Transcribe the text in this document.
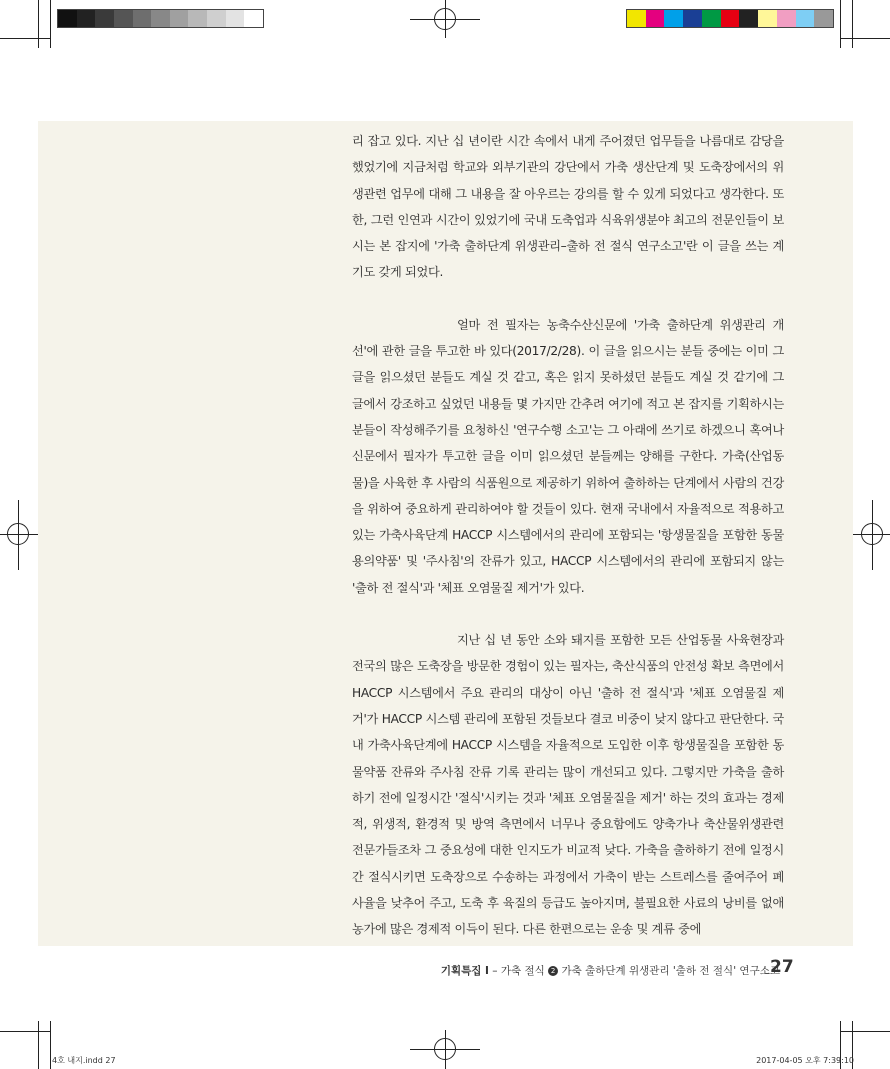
리 잡고 있다. 지난 십 년이란 시간 속에서 내게 주어졌던 업무들을 나름대로 감당을 했었기에 지금처럼 학교와 외부기관의 강단에서 가축 생산단계 및 도축장에서의 위생관련 업무에 대해 그 내용을 잘 아우르는 강의를 할 수 있게 되었다고 생각한다. 또한, 그런 인연과 시간이 있었기에 국내 도축업과 식육위생분야 최고의 전문인들이 보시는 본 잡지에 '가축 출하단계 위생관리–출하 전 절식 연구소고'란 이 글을 쓰는 계기도 갖게 되었다.

얼마 전 필자는 농축수산신문에 '가축 출하단계 위생관리 개선'에 관한 글을 투고한 바 있다(2017/2/28). 이 글을 읽으시는 분들 중에는 이미 그 글을 읽으셨던 분들도 계실 것 같고, 혹은 읽지 못하셨던 분들도 계실 것 같기에 그 글에서 강조하고 싶었던 내용들 몇 가지만 간추려 여기에 적고 본 잡지를 기획하시는 분들이 작성해주기를 요청하신 '연구수행 소고'는 그 아래에 쓰기로 하겠으니 혹여나 신문에서 필자가 투고한 글을 이미 읽으셨던 분들께는 양해를 구한다. 가축(산업동물)을 사육한 후 사람의 식품원으로 제공하기 위하여 출하하는 단계에서 사람의 건강을 위하여 중요하게 관리하여야 할 것들이 있다. 현재 국내에서 자율적으로 적용하고 있는 가축사육단계 HACCP 시스템에서의 관리에 포함되는 '항생물질을 포함한 동물용의약품' 및 '주사침'의 잔류가 있고, HACCP 시스템에서의 관리에 포함되지 않는 '출하 전 절식'과 '체표 오염물질 제거'가 있다.

지난 십 년 동안 소와 돼지를 포함한 모든 산업동물 사육현장과 전국의 많은 도축장을 방문한 경험이 있는 필자는, 축산식품의 안전성 확보 측면에서 HACCP 시스템에서 주요 관리의 대상이 아닌 '출하 전 절식'과 '체표 오염물질 제거'가 HACCP 시스템 관리에 포함된 것들보다 결코 비중이 낮지 않다고 판단한다. 국내 가축사육단계에 HACCP 시스템을 자율적으로 도입한 이후 항생물질을 포함한 동물약품 잔류와 주사침 잔류 기록 관리는 많이 개선되고 있다. 그렇지만 가축을 출하하기 전에 일정시간 '절식'시키는 것과 '체표 오염물질을 제거' 하는 것의 효과는 경제적, 위생적, 환경적 및 방역 측면에서 너무나 중요함에도 양축가나 축산물위생관련 전문가들조차 그 중요성에 대한 인지도가 비교적 낮다. 가축을 출하하기 전에 일정시간 절식시키면 도축장으로 수송하는 과정에서 가축이 받는 스트레스를 줄여주어 폐사율을 낮추어 주고, 도축 후 육질의 등급도 높아지며, 불필요한 사료의 낭비를 없애 농가에 많은 경제적 이득이 된다. 다른 한편으로는 운송 및 계류 중에

기획특집 Ⅰ – 가축 절식 2 가축 출하단계 위생관리 '출하 전 절식' 연구소고
27
4호 내지.indd 27	2017-04-05 오후 7:39:10
